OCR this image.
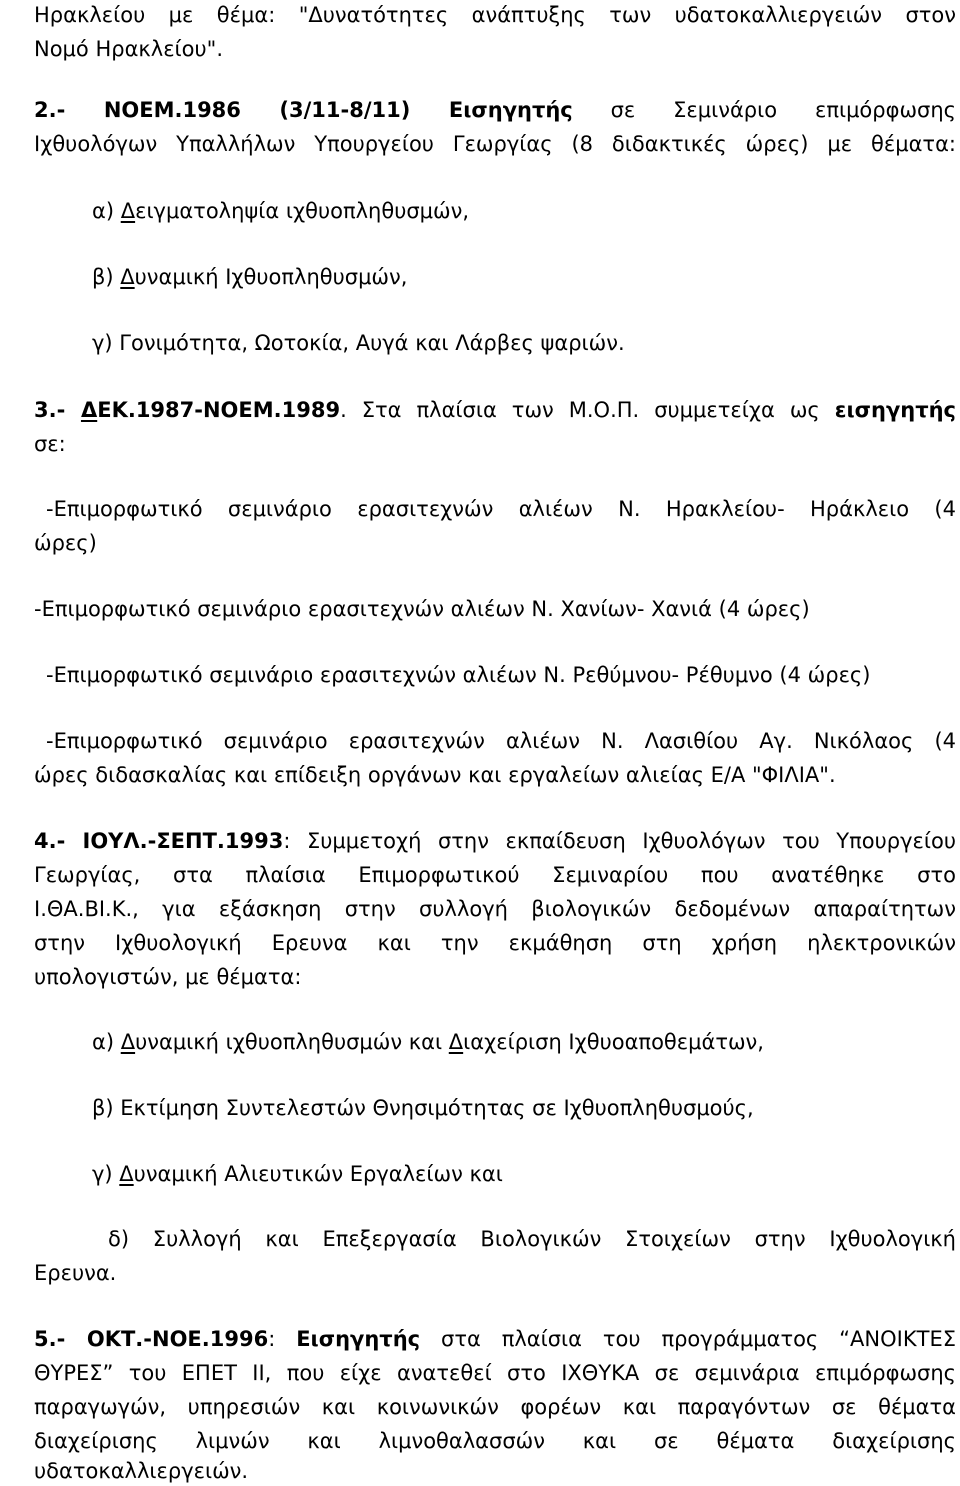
Ηρακλείου με θέμα: "Δυνατότητες ανάπτυξης των υδατοκαλλιεργειών στον
Νομό Ηρακλείου".
2.- ΝΟΕΜ.1986 (3/11-8/11) Εισηγητής σε Σεμινάριο επιμόρφωσης
Ιχθυολόγων Υπαλλήλων Υπουργείου Γεωργίας (8 διδακτικές ώρες) με θέματα:
α) Δειγματοληψία ιχθυοπληθυσμών,
β) Δυναμική Ιχθυοπληθυσμών,
γ) Γονιμότητα, Ωοτοκία, Αυγά και Λάρβες ψαριών.
3.- ΔΕΚ.1987-ΝΟΕΜ.1989. Στα πλαίσια των Μ.Ο.Π. συμμετείχα ως εισηγητής
σε:
-Επιμορφωτικό σεμινάριο ερασιτεχνών αλιέων Ν. Ηρακλείου- Ηράκλειο (4
ώρες)
-Επιμορφωτικό σεμινάριο ερασιτεχνών αλιέων Ν. Χανίων- Χανιά (4 ώρες)
-Επιμορφωτικό σεμινάριο ερασιτεχνών αλιέων Ν. Ρεθύμνου- Ρέθυμνο (4 ώρες)
-Επιμορφωτικό σεμινάριο ερασιτεχνών αλιέων Ν. Λασιθίου Αγ. Νικόλαος (4
ώρες διδασκαλίας και επίδειξη οργάνων και εργαλείων αλιείας Ε/Α "ΦΙΛΙΑ".
4.- ΙΟΥΛ.-ΣΕΠΤ.1993: Συμμετοχή στην εκπαίδευση Ιχθυολόγων του Υπουργείου
Γεωργίας, στα πλαίσια Επιμορφωτικού Σεμιναρίου που ανατέθηκε στο
Ι.ΘΑ.ΒΙ.Κ., για εξάσκηση στην συλλογή βιολογικών δεδομένων απαραίτητων
στην Ιχθυολογική Ερευνα και την εκμάθηση στη χρήση ηλεκτρονικών
υπολογιστών, με θέματα:
α) Δυναμική ιχθυοπληθυσμών και Διαχείριση Ιχθυοαποθεμάτων,
β) Εκτίμηση Συντελεστών Θνησιμότητας σε Ιχθυοπληθυσμούς,
γ) Δυναμική Αλιευτικών Εργαλείων και
δ) Συλλογή και Επεξεργασία Βιολογικών Στοιχείων στην Ιχθυολογική
Ερευνα.
5.- ΟΚΤ.-ΝΟΕ.1996: Εισηγητής στα πλαίσια του προγράμματος “ΑΝΟΙΚΤΕΣ
ΘΥΡΕΣ” του ΕΠΕΤ ΙΙ, που είχε ανατεθεί στο ΙΧΘΥΚΑ σε σεμινάρια επιμόρφωσης
παραγωγών, υπηρεσιών και κοινωνικών φορέων και παραγόντων σε θέματα
διαχείρισης λιμνών και λιμνοθαλασσών και σε θέματα διαχείρισης
υδατοκαλλιεργειών.
